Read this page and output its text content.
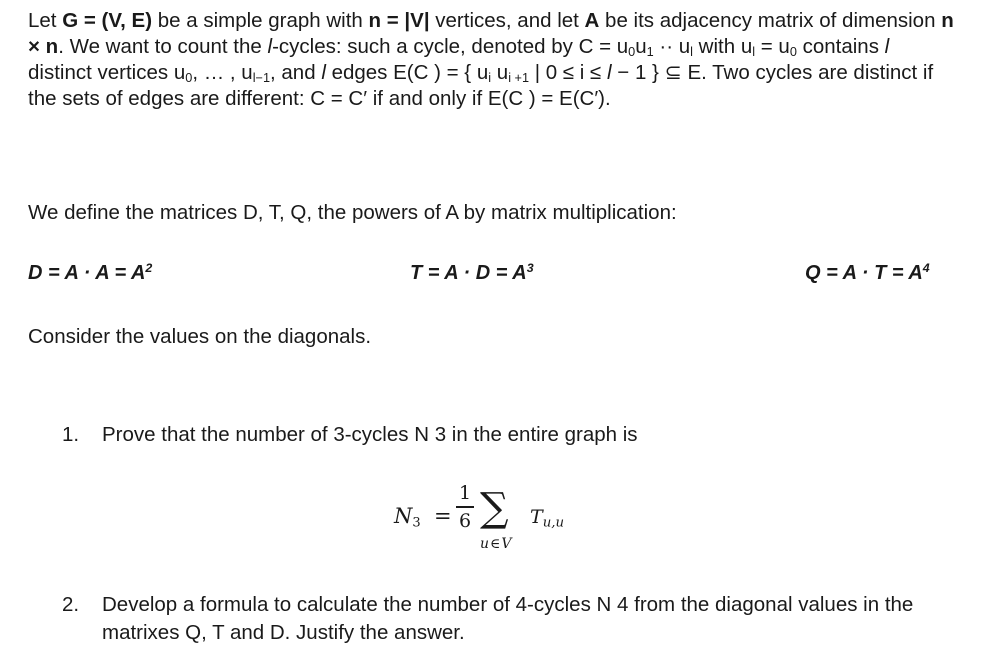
Let G = (V, E) be a simple graph with n = |V| vertices, and let A be its adjacency matrix of dimension n × n. We want to count the l-cycles: such a cycle, denoted by $C = u_0u_1 \cdot\cdot u_l$ with $u_l = u_0$ contains l distinct vertices $u_0$, … , $u_{l-1}$, and l edges E(C ) = { $u_i$ $u_{i +1}$ | 0 ≤ i ≤ l − 1 } ⊆ E. Two cycles are distinct if the sets of edges are different: C = C′ if and only if E(C ) = E(C′).

We define the matrices D, T, Q, the powers of A by matrix multiplication:

$D = A \cdot A = A^2$	$T = A \cdot D = A^3$	$Q = A \cdot T = A^4$

Consider the values on the diagonals.

1. Prove that the number of 3-cycles N 3 in the entire graph is
$N_3$ =
1
6 ∑
u∈V
$T_{u,u}$
2. Develop a formula to calculate the number of 4-cycles N 4 from the diagonal values in the matrixes Q, T and D. Justify the answer.
